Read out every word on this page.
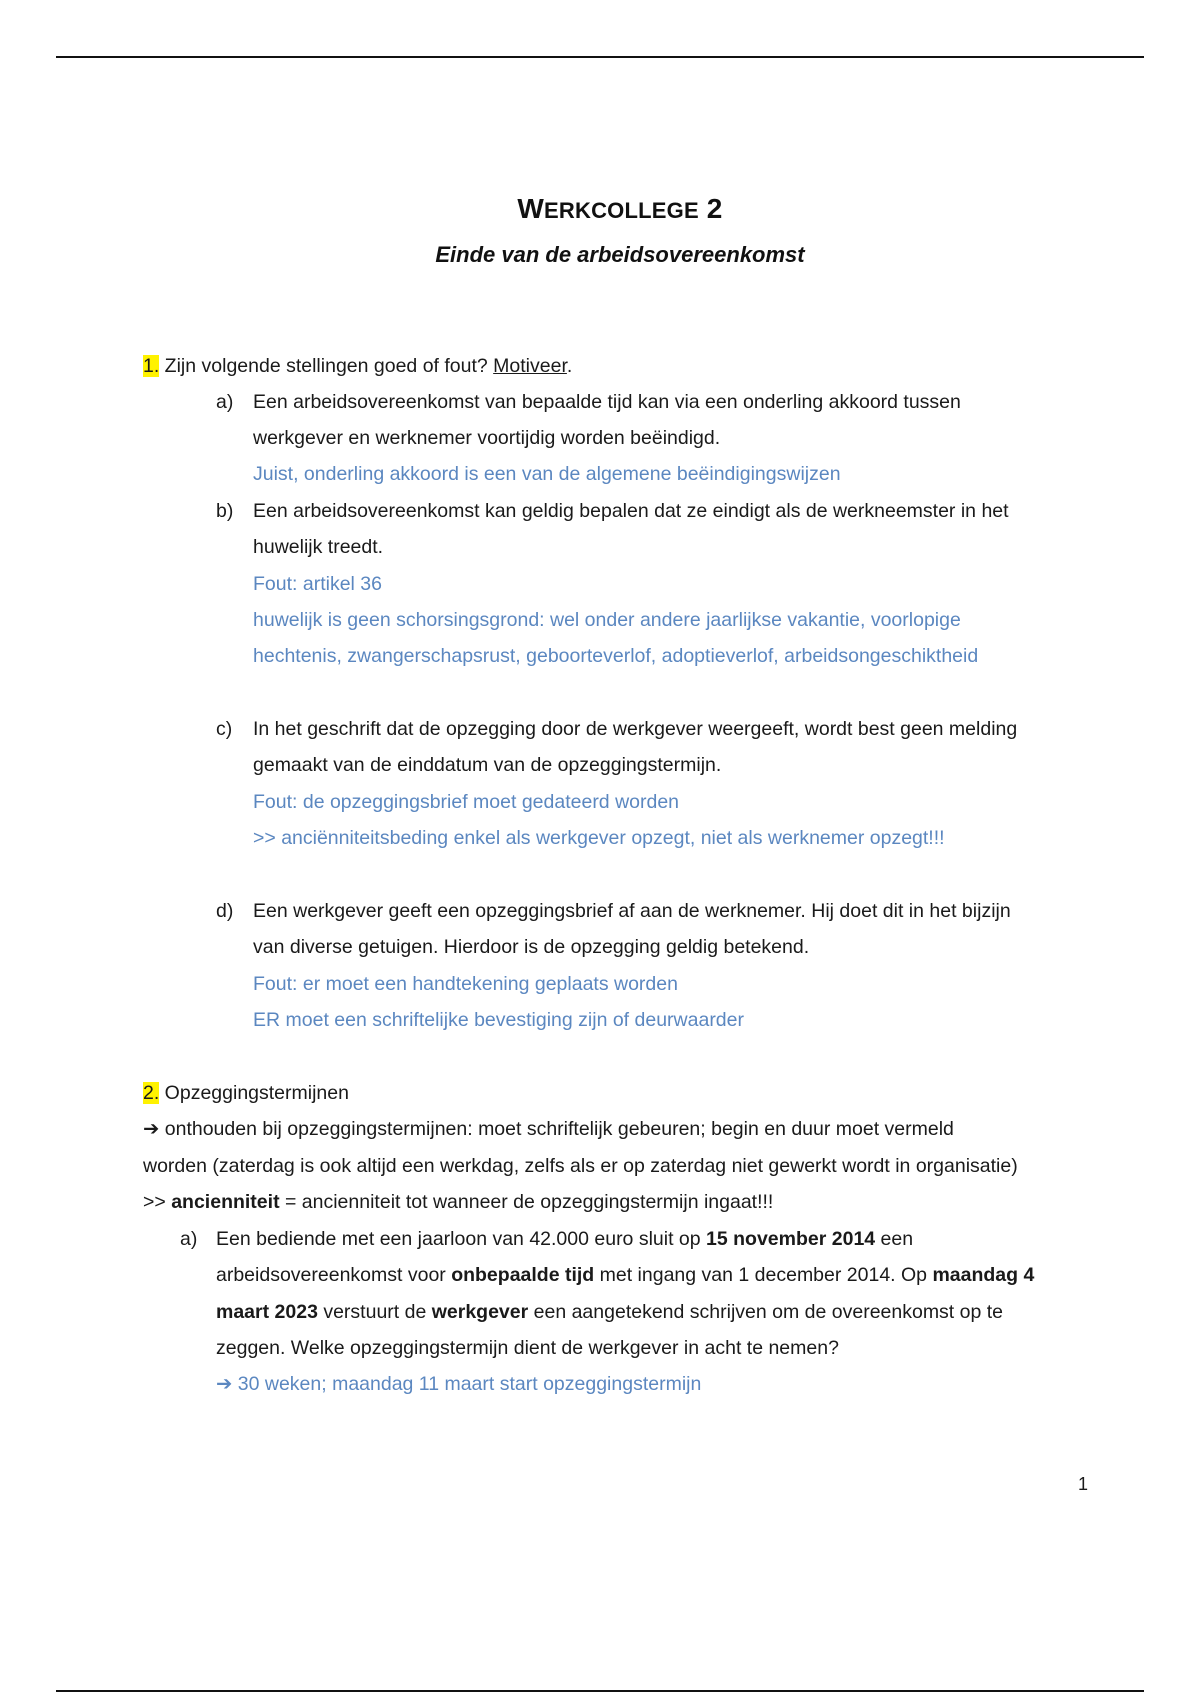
WERKCOLLEGE 2
Einde van de arbeidsovereenkomst
1. Zijn volgende stellingen goed of fout? Motiveer.
a) Een arbeidsovereenkomst van bepaalde tijd kan via een onderling akkoord tussen
werkgever en werknemer voortijdig worden beëindigd.
Juist, onderling akkoord is een van de algemene beëindigingswijzen
b) Een arbeidsovereenkomst kan geldig bepalen dat ze eindigt als de werkneemster in het
huwelijk treedt.
Fout: artikel 36
huwelijk is geen schorsingsgrond: wel onder andere jaarlijkse vakantie, voorlopige
hechtenis, zwangerschapsrust, geboorteverlof, adoptieverlof, arbeidsongeschiktheid
c) In het geschrift dat de opzegging door de werkgever weergeeft, wordt best geen melding
gemaakt van de einddatum van de opzeggingstermijn.
Fout: de opzeggingsbrief moet gedateerd worden
>> anciënniteitsbeding enkel als werkgever opzegt, niet als werknemer opzegt!!!
d) Een werkgever geeft een opzeggingsbrief af aan de werknemer. Hij doet dit in het bijzijn
van diverse getuigen. Hierdoor is de opzegging geldig betekend.
Fout: er moet een handtekening geplaats worden
ER moet een schriftelijke bevestiging zijn of deurwaarder
2. Opzeggingstermijnen
➔ onthouden bij opzeggingstermijnen: moet schriftelijk gebeuren; begin en duur moet vermeld
worden (zaterdag is ook altijd een werkdag, zelfs als er op zaterdag niet gewerkt wordt in organisatie)
>> ancienniteit = ancienniteit tot wanneer de opzeggingstermijn ingaat!!!
a) Een bediende met een jaarloon van 42.000 euro sluit op 15 november 2014 een
arbeidsovereenkomst voor onbepaalde tijd met ingang van 1 december 2014. Op maandag 4
maart 2023 verstuurt de werkgever een aangetekend schrijven om de overeenkomst op te
zeggen. Welke opzeggingstermijn dient de werkgever in acht te nemen?
➔ 30 weken; maandag 11 maart start opzeggingstermijn
1
